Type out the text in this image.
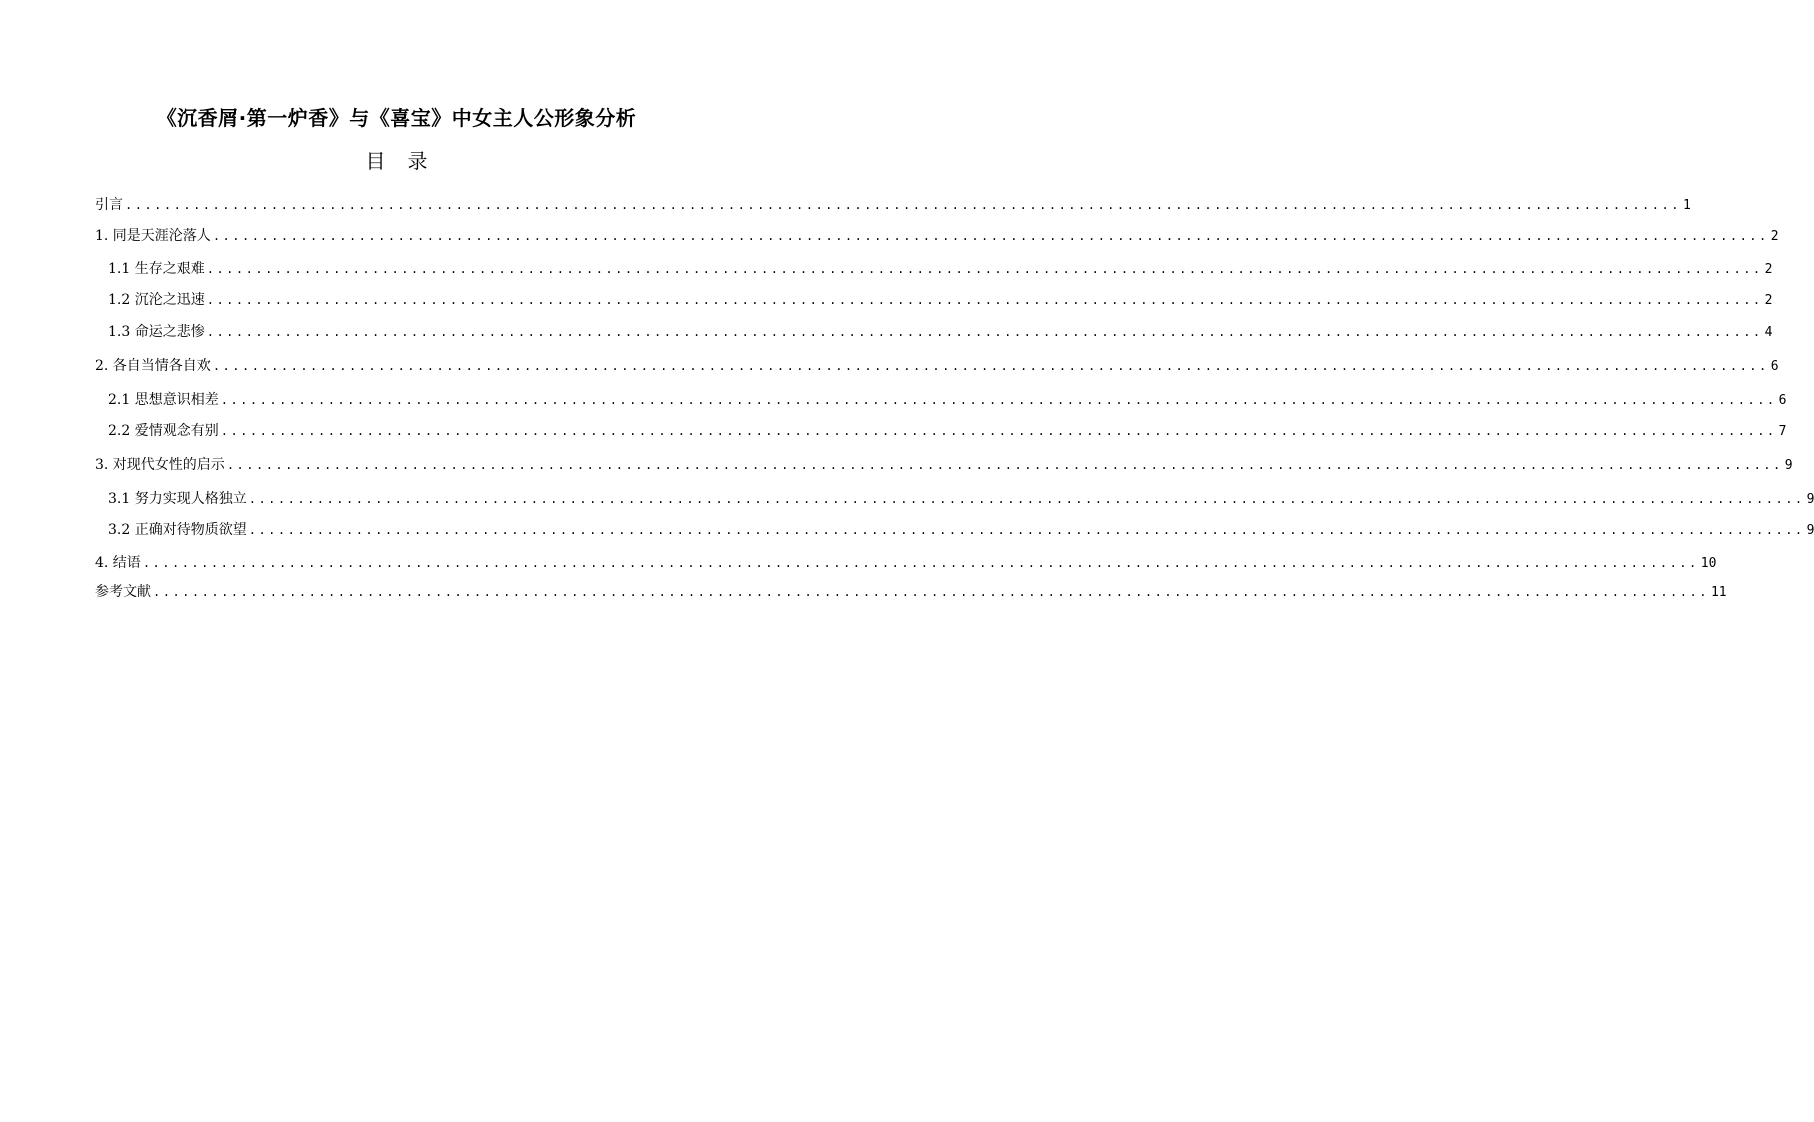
《沉香屑·第一炉香》与《喜宝》中女主人公形象分析
目 录
引言 ................................................................................................................................................................ 1
1. 同是天涯沦落人 ................................................................................................................................................................ 2
1.1 生存之艰难 ................................................................................................................................................................ 2
1.2 沉沦之迅速 ................................................................................................................................................................ 2
1.3 命运之悲惨 ................................................................................................................................................................ 4
2. 各自当情各自欢 ................................................................................................................................................................ 6
2.1 思想意识相差 ................................................................................................................................................................ 6
2.2 爱情观念有别 ................................................................................................................................................................ 7
3. 对现代女性的启示 ................................................................................................................................................................ 9
3.1 努力实现人格独立 ................................................................................................................................................................ 9
3.2 正确对待物质欲望 ................................................................................................................................................................ 9
4. 结语 ................................................................................................................................................................ 10
参考文献 ................................................................................................................................................................ 11
